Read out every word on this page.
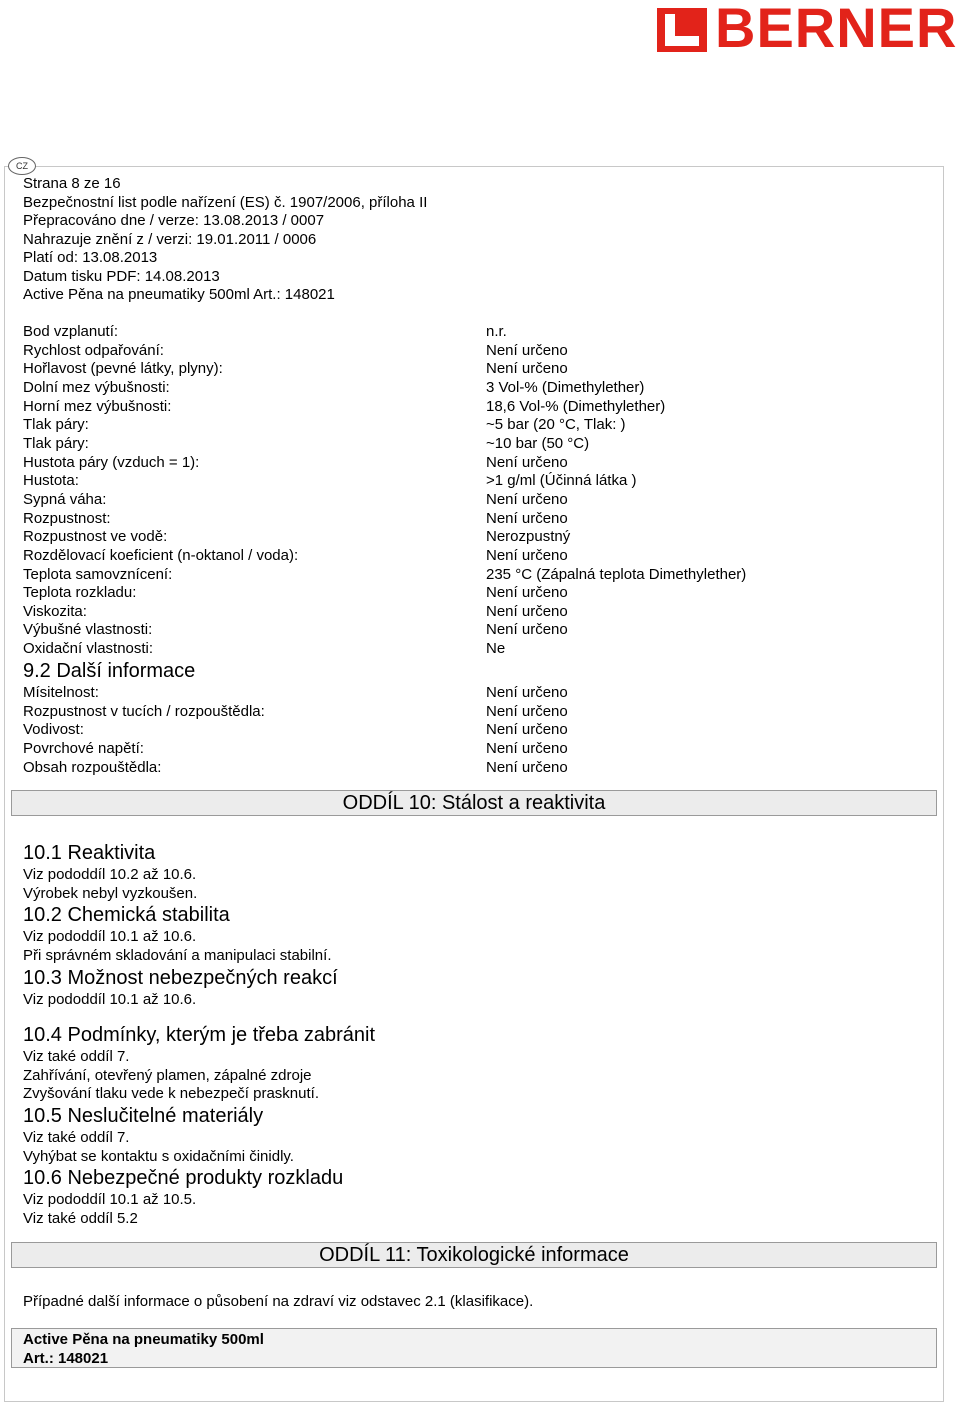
BERNER
CZ
Strana 8 ze 16
Bezpečnostní list podle nařízení (ES) č. 1907/2006, příloha II
Přepracováno dne / verze: 13.08.2013 / 0007
Nahrazuje znění z / verzi: 19.01.2011 / 0006
Platí od: 13.08.2013
Datum tisku PDF: 14.08.2013
Active Pěna na pneumatiky 500ml Art.: 148021
Bod vzplanutí:	n.r.
Rychlost odpařování:	Není určeno
Hořlavost (pevné látky, plyny):	Není určeno
Dolní mez výbušnosti:	3 Vol-% (Dimethylether)
Horní mez výbušnosti:	18,6 Vol-% (Dimethylether)
Tlak páry:	~5 bar (20 °C, Tlak: )
Tlak páry:	~10 bar (50 °C)
Hustota páry (vzduch = 1):	Není určeno
Hustota:	>1 g/ml (Účinná látka )
Sypná váha:	Není určeno
Rozpustnost:	Není určeno
Rozpustnost ve vodě:	Nerozpustný
Rozdělovací koeficient (n-oktanol / voda):	Není určeno
Teplota samovznícení:	235 °C (Zápalná teplota Dimethylether)
Teplota rozkladu:	Není určeno
Viskozita:	Není určeno
Výbušné vlastnosti:	Není určeno
Oxidační vlastnosti:	Ne
9.2 Další informace
Mísitelnost:	Není určeno
Rozpustnost v tucích / rozpouštědla:	Není určeno
Vodivost:	Není určeno
Povrchové napětí:	Není určeno
Obsah rozpouštědla:	Není určeno
ODDÍL 10: Stálost a reaktivita
10.1 Reaktivita
Viz pododdíl 10.2 až 10.6.
Výrobek nebyl vyzkoušen.
10.2 Chemická stabilita
Viz pododdíl 10.1 až 10.6.
Při správném skladování a manipulaci stabilní.
10.3 Možnost nebezpečných reakcí
Viz pododdíl 10.1 až 10.6.
10.4 Podmínky, kterým je třeba zabránit
Viz také oddíl 7.
Zahřívání, otevřený plamen, zápalné zdroje
Zvyšování tlaku vede k nebezpečí prasknutí.
10.5 Neslučitelné materiály
Viz také oddíl 7.
Vyhýbat se kontaktu s oxidačními činidly.
10.6 Nebezpečné produkty rozkladu
Viz pododdíl 10.1 až 10.5.
Viz také oddíl 5.2
ODDÍL 11: Toxikologické informace
Případné další informace o působení na zdraví viz odstavec 2.1 (klasifikace).
Active Pěna na pneumatiky 500ml
Art.: 148021
